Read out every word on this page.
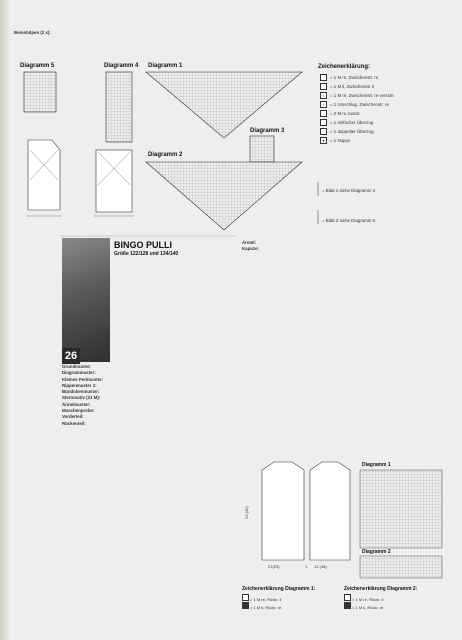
Beinstulpen (2 x):

Diagramm 5	Diagramm 4 Diagramm 1
Diagramm 2
Diagramm 3
= Blatt 1 siehe Diagramm 3
= Blatt 2 siehe Diagramm 5
Zeichenerklärung:
= 1 M re, Zwischenstr. re
= 1 M li, Zwischenstr. li
×	= 1 M re, Zwischenstr. re verschr.
×	= 1 Umschlag, Zwischenstr. re
= 2 M re zusstr.
= 1 einfacher Überzug
= 1 doppelter Überzug
●	= 1 Noppe
26
BINGO PULLI
Größe 122/128 und 134/140

Grundmuster:

Diagrammuster:

Kleines Perlmuster:

Rippenmuster 1:

Bündchenmuster:

Sternmotiv (21 M):

Ärmelmuster:

Maschenprobe:

Vorderteil:

Rückenteil:

Ärmel:

Kapuze:

21(23)	1 12 (46)
23 (46)
Diagramm 1
Diagramm 2
Zeichenerklärung Diagramm 1:
= 1 M re, Rückr. li
= 1 M li, Rückr. re
Zeichenerklärung Diagramm 2:
= 1 M re, Rückr. li
= 1 M li, Rückr. re
